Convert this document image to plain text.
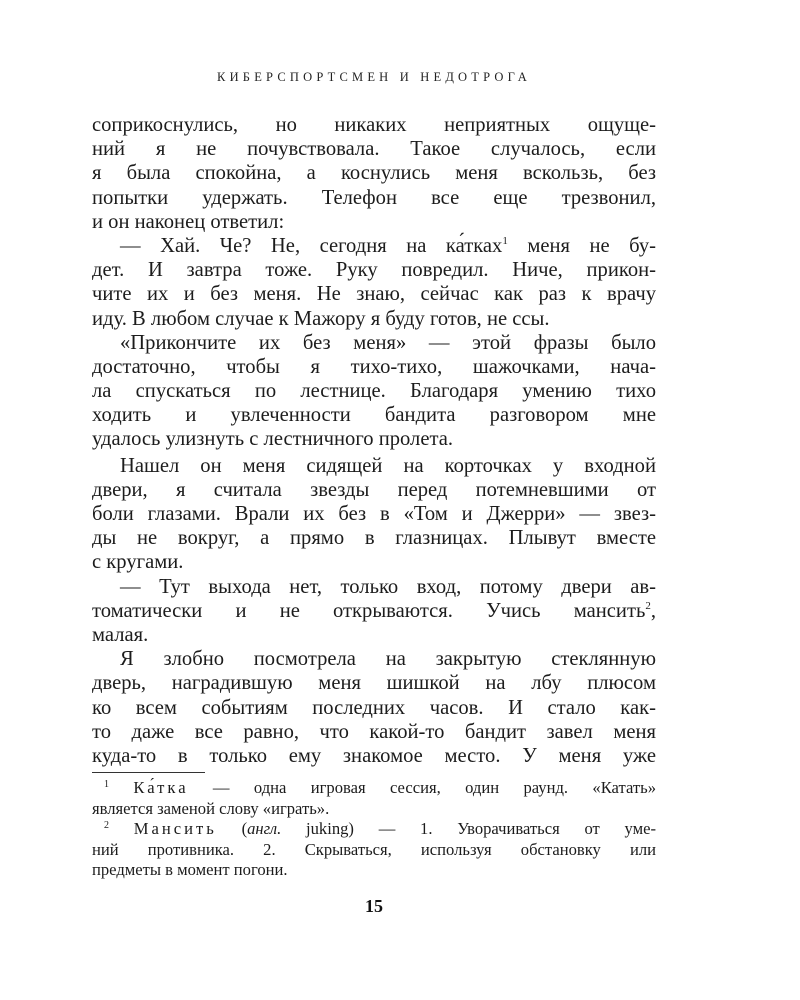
КИБЕРСПОРТСМЕН И НЕДОТРОГА
соприкоснулись, но никаких неприятных ощуще-
ний я не почувствовала. Такое случалось, если
я была спокойна, а коснулись меня вскользь, без
попытки удержать. Телефон все еще трезвонил,
и он наконец ответил:
— Хай. Че? Не, сегодня на ка́тках$^1$ меня не бу-
дет. И завтра тоже. Руку повредил. Ниче, прикон-
чите их и без меня. Не знаю, сейчас как раз к врачу
иду. В любом случае к Мажору я буду готов, не ссы.
«Прикончите их без меня» — этой фразы было
достаточно, чтобы я тихо-тихо, шажочками, нача-
ла спускаться по лестнице. Благодаря умению тихо
ходить и увлеченности бандита разговором мне
удалось улизнуть с лестничного пролета.
Нашел он меня сидящей на корточках у входной
двери, я считала звезды перед потемневшими от
боли глазами. Врали их без в «Том и Джерри» — звез-
ды не вокруг, а прямо в глазницах. Плывут вместе
с кругами.
— Тут выхода нет, только вход, потому двери ав-
томатически и не открываются. Учись мансить$^2$,
малая.
Я злобно посмотрела на закрытую стеклянную
дверь, наградившую меня шишкой на лбу плюсом
ко всем событиям последних часов. И стало как-
то даже все равно, что какой-то бандит завел меня
куда-то в только ему знакомое место. У меня уже
$^1$ Ка́тка — одна игровая сессия, один раунд. «Катать»
является заменой слову «играть».
$^2$ Мансить (англ. juking) — 1. Уворачиваться от уме-
ний противника. 2. Скрываться, используя обстановку или
предметы в момент погони.
15
